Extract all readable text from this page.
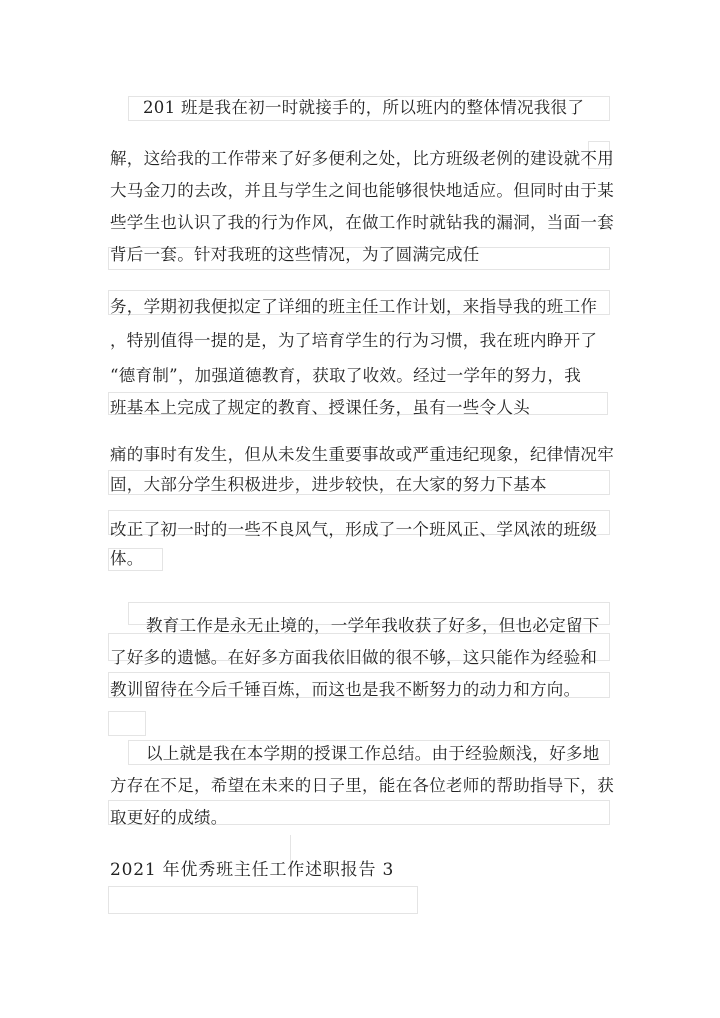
201 班是我在初一时就接手的，所以班内的整体情况我很了
解，这给我的工作带来了好多便利之处，比方班级老例的建设就不用
大马金刀的去改，并且与学生之间也能够很快地适应。但同时由于某
些学生也认识了我的行为作风，在做工作时就钻我的漏洞，当面一套
背后一套。针对我班的这些情况，为了圆满完成任
务，学期初我便拟定了详细的班主任工作计划，来指导我的班工作
，特别值得一提的是，为了培育学生的行为习惯，我在班内睁开了
“德育制”，加强道德教育，获取了收效。经过一学年的努力，我
班基本上完成了规定的教育、授课任务，虽有一些令人头
痛的事时有发生，但从未发生重要事故或严重违纪现象，纪律情况牢
固，大部分学生积极进步，进步较快，在大家的努力下基本
改正了初一时的一些不良风气，形成了一个班风正、学风浓的班级
体。
教育工作是永无止境的，一学年我收获了好多，但也必定留下
了好多的遗憾。在好多方面我依旧做的很不够，这只能作为经验和
教训留待在今后千锤百炼，而这也是我不断努力的动力和方向。
以上就是我在本学期的授课工作总结。由于经验颇浅，好多地
方存在不足，希望在未来的日子里，能在各位老师的帮助指导下，获
取更好的成绩。
2021 年优秀班主任工作述职报告 3
